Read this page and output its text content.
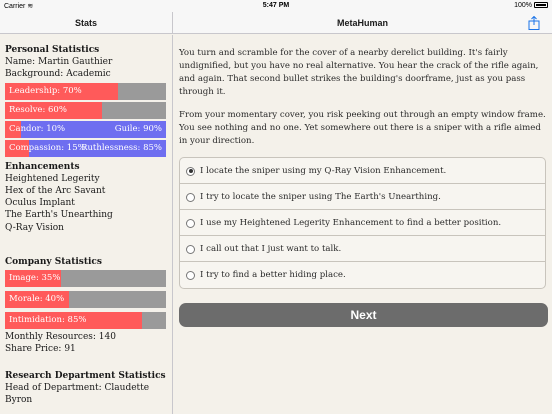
Carrier ≋	5:47 PM	100%
Stats	MetaHuman
Personal Statistics
Name: Martin Gauthier
Background: Academic
Leadership: 70%
Resolve: 60%
Candor: 10%	Guile: 90%
Compassion: 15%
Ruthlessness: 85%
Enhancements
Heightened Legerity
Hex of the Arc Savant
Oculus Implant
The Earth's Unearthing
Q-Ray Vision
Company Statistics
Image: 35%
Morale: 40%
Intimidation: 85%
Monthly Resources: 140
Share Price: 91
Research Department Statistics
Head of Department: Claudette Byron

You turn and scramble for the cover of a nearby derelict building. It's fairly undignified, but you have no real alternative. You hear the crack of the rifle again, and again. That second bullet strikes the building's doorframe, just as you pass through it.

From your momentary cover, you risk peeking out through an empty window frame. You see nothing and no one. Yet somewhere out there is a sniper with a rifle aimed in your direction.

I locate the sniper using my Q-Ray Vision Enhancement.
I try to locate the sniper using The Earth's Unearthing.
I use my Heightened Legerity Enhancement to find a better position.
I call out that I just want to talk.
I try to find a better hiding place.
Next
